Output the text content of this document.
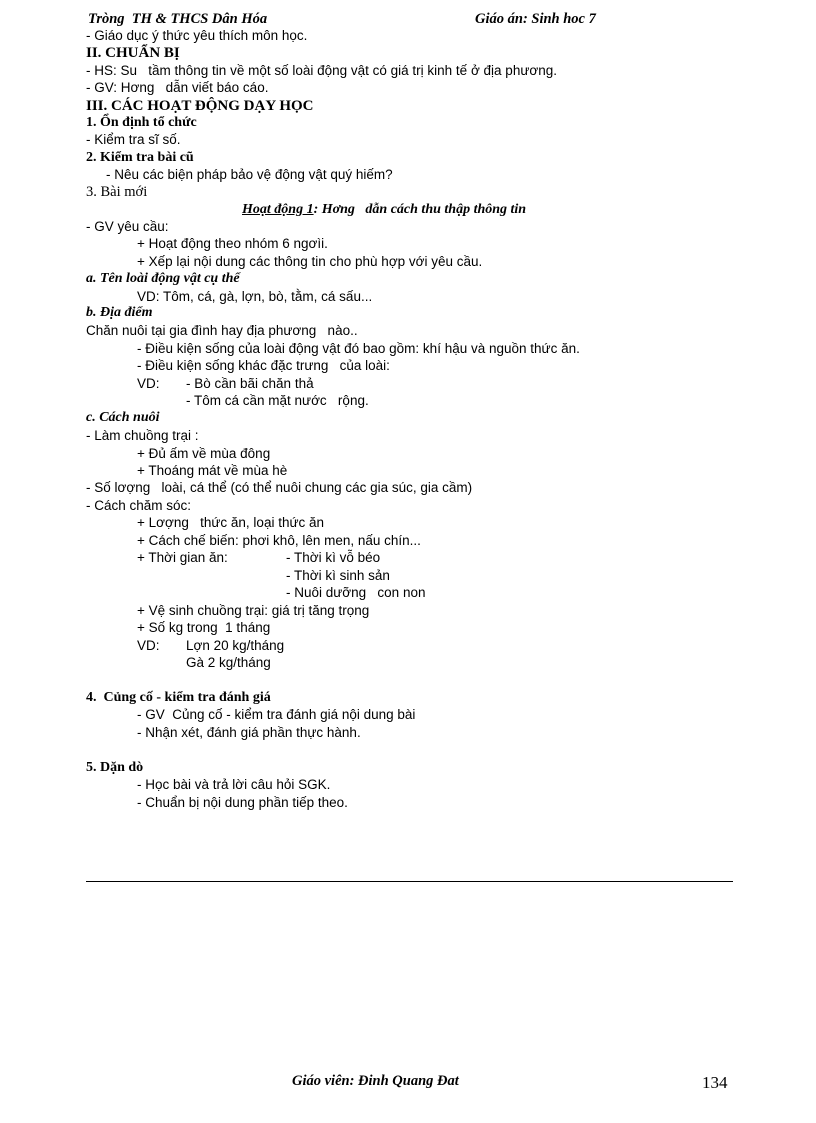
Tròng  TH & THCS Dân Hóa	Giáo án: Sinh hoc 7
- Giáo dục ý thức yêu thích môn học.
II. CHUẨN BỊ
- HS: Su   tầm thông tin về một số loài động vật có giá trị kinh tế ở địa phương.
- GV: Hơng   dẫn viết báo cáo.
III. CÁC HOẠT ĐỘNG DẠY HỌC
1. Ổn định tổ chức
- Kiểm tra sĩ số.
2. Kiểm tra bài cũ
- Nêu các biện pháp bảo vệ động vật quý hiếm?
3. Bài mới
Hoạt động 1: Hơng   dẫn cách thu thập thông tin
- GV yêu cầu:
+ Hoạt động theo nhóm 6 ngơìi.
+ Xếp lại nội dung các thông tin cho phù hợp với yêu cầu.
a. Tên loài động vật cụ thể
VD: Tôm, cá, gà, lợn, bò, tằm, cá sấu...
b. Địa điểm
Chăn nuôi tại gia đình hay địa phương   nào..
- Điều kiện sống của loài động vật đó bao gồm: khí hậu và nguồn thức ăn.
- Điều kiện sống khác đặc trưng   của loài:
VD: - Bò cần bãi chăn thả
- Tôm cá cần mặt nước   rộng.
c. Cách nuôi
- Làm chuồng trại :
+ Đủ ấm về mùa đông
+ Thoáng mát về mùa hè
- Số lơợng   loài, cá thể (có thể nuôi chung các gia súc, gia cầm)
- Cách chăm sóc:
+ Lơợng   thức ăn, loại thức ăn
+ Cách chế biến: phơi khô, lên men, nấu chín...
+ Thời gian ăn:	- Thời kì vỗ béo
- Thời kì sinh sản
- Nuôi dưỡng   con non
+ Vệ sinh chuồng trại: giá trị tăng trọng
+ Số kg trong  1 tháng
VD: Lợn 20 kg/tháng
Gà 2 kg/tháng
4.  Củng cố - kiểm tra đánh giá
- GV  Củng cố - kiểm tra đánh giá nội dung bài
- Nhận xét, đánh giá phần thực hành.
5. Dặn dò
- Học bài và trả lời câu hỏi SGK.
- Chuẩn bị nội dung phần tiếp theo.
Giáo viên: Đinh Quang Đat	134
